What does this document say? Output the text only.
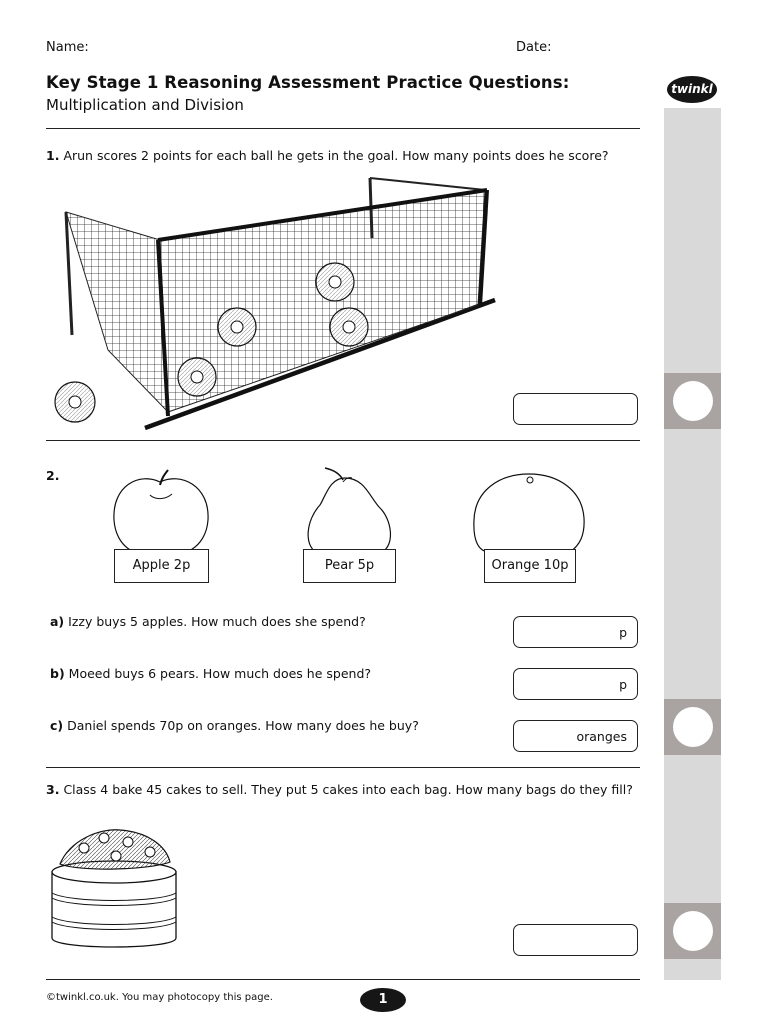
Name:	Date:
Key Stage 1 Reasoning Assessment Practice Questions:
Multiplication and Division
twinkl
1. Arun scores 2 points for each ball he gets in the goal. How many points does he score?
2.
Apple 2p	Pear 5p	Orange 10p
a) Izzy buys 5 apples. How much does she spend?
p
b) Moeed buys 6 pears. How much does he spend?
p
c) Daniel spends 70p on oranges. How many does he buy?
oranges
3. Class 4 bake 45 cakes to sell. They put 5 cakes into each bag. How many bags do they fill?
©twinkl.co.uk. You may photocopy this page.	1
